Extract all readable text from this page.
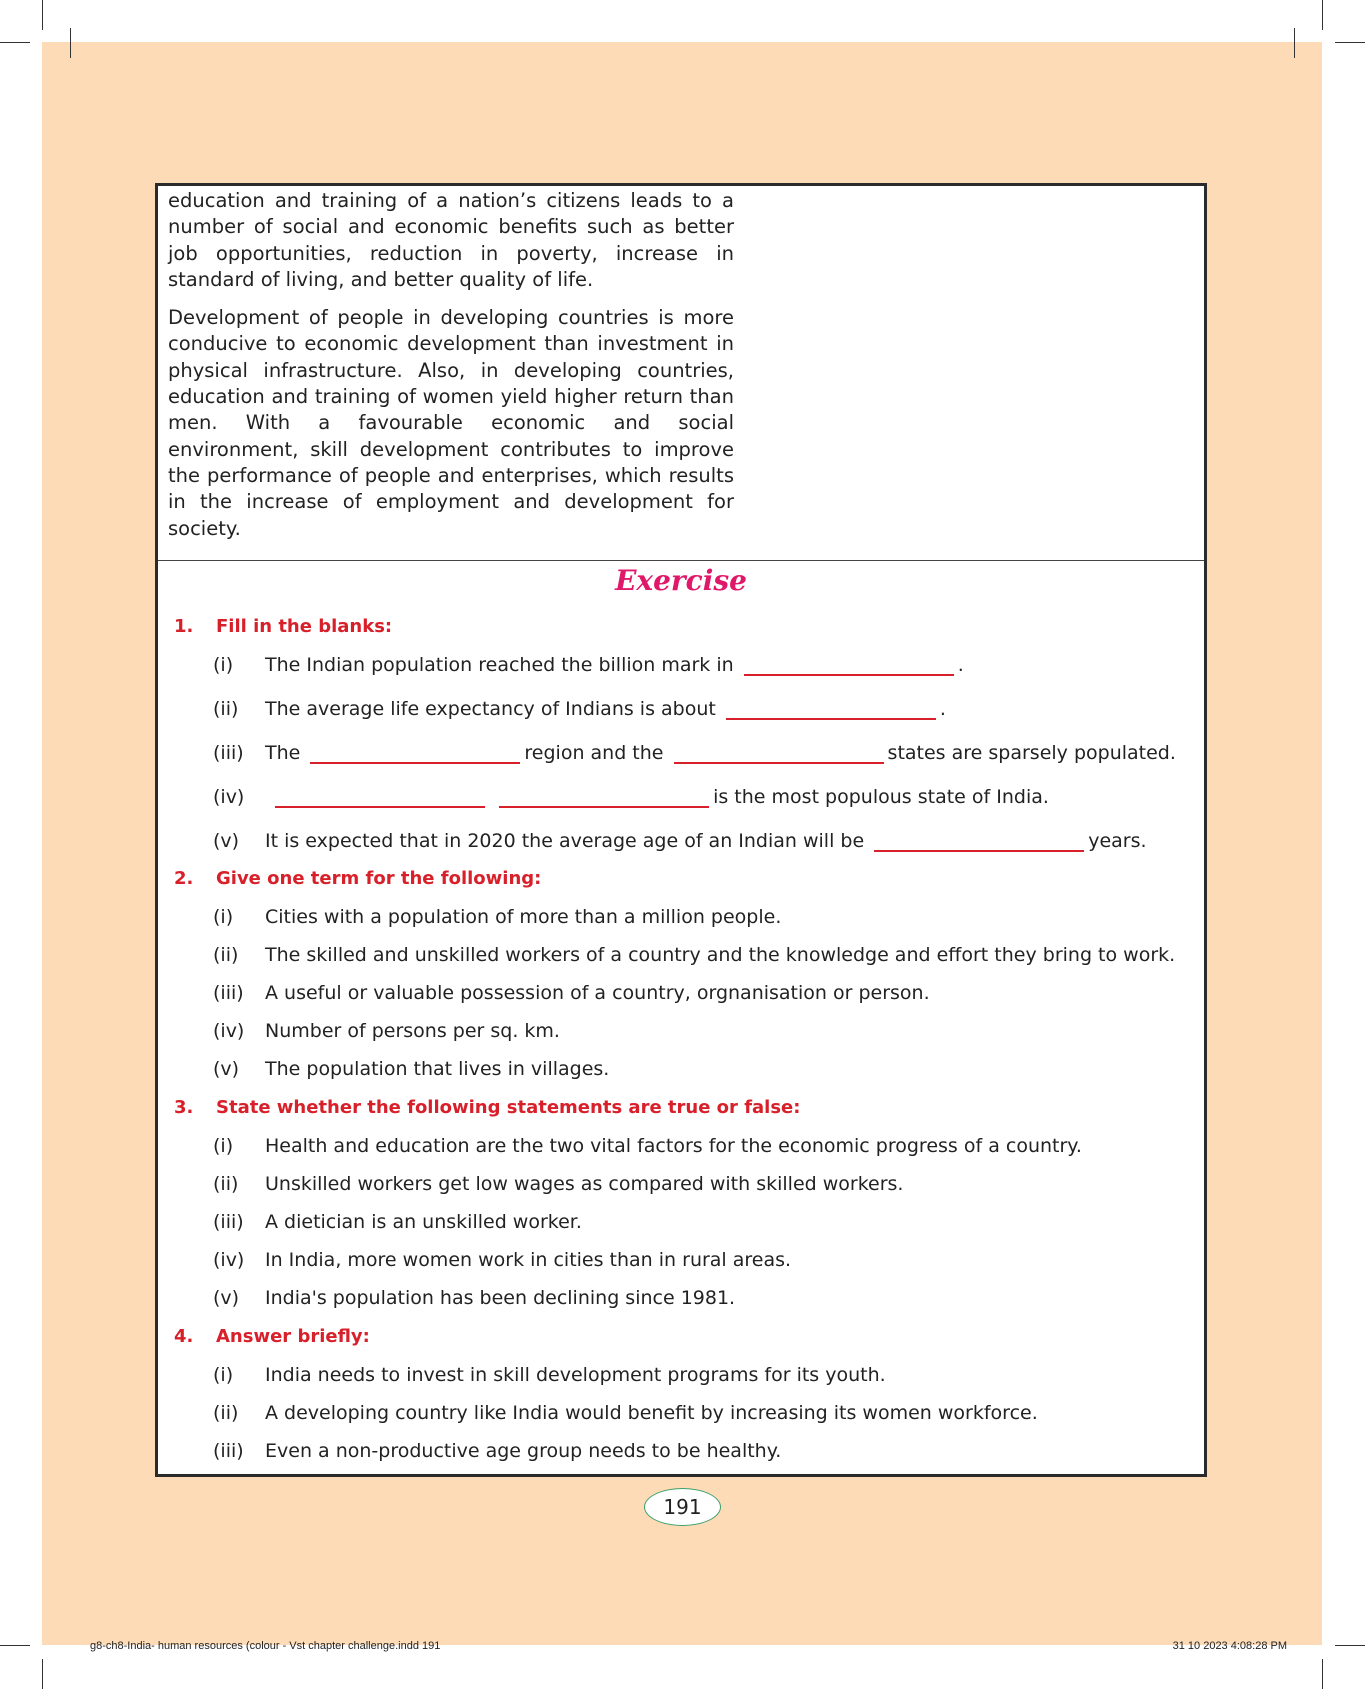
education and training of a nation’s citizens leads to a number of social and economic benefits such as better job opportunities, reduction in poverty, increase in standard of living, and better quality of life.

Development of people in developing countries is more conducive to economic development than investment in physical infrastructure. Also, in developing countries, education and training of women yield higher return than men. With a favourable economic and social environment, skill development contributes to improve the performance of people and enterprises, which results in the increase of employment and development for society.

Exercise
1. Fill in the blanks:
(i) The Indian population reached the billion mark in	.
(ii) The average life expectancy of Indians is about	.
(iii) The	region and the	states are sparsely populated.
(iv)	is the most populous state of India.
(v) It is expected that in 2020 the average age of an Indian will be	years.
2. Give one term for the following:
(i) Cities with a population of more than a million people.
(ii) The skilled and unskilled workers of a country and the knowledge and effort they bring to work.
(iii) A useful or valuable possession of a country, orgnanisation or person.
(iv) Number of persons per sq. km.
(v) The population that lives in villages.
3. State whether the following statements are true or false:
(i) Health and education are the two vital factors for the economic progress of a country.
(ii) Unskilled workers get low wages as compared with skilled workers.
(iii) A dietician is an unskilled worker.
(iv) In India, more women work in cities than in rural areas.
(v) India's population has been declining since 1981.
4. Answer briefly:
(i) India needs to invest in skill development programs for its youth.
(ii) A developing country like India would benefit by increasing its women workforce.
(iii) Even a non-productive age group needs to be healthy.
191
g8-ch8-India- human resources (colour - Vst chapter challenge.indd 191	31 10 2023 4:08:28 PM
